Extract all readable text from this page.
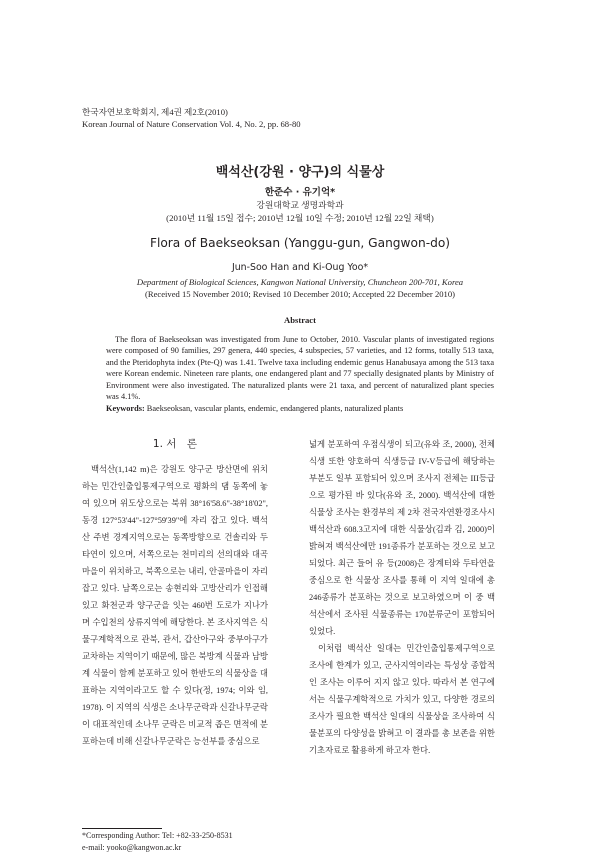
한국자연보호학회지, 제4권 제2호(2010)
Korean Journal of Nature Conservation Vol. 4, No. 2, pp. 68-80
백석산(강원 · 양구)의 식물상
한준수 · 유기억*
강원대학교 생명과학과
(2010년 11월 15일 접수; 2010년 12월 10일 수정; 2010년 12월 22일 채택)
Flora of Baekseoksan (Yanggu-gun, Gangwon-do)
Jun-Soo Han and Ki-Oug Yoo*
Department of Biological Sciences, Kangwon National University, Chuncheon 200-701, Korea
(Received 15 November 2010; Revised 10 December 2010; Accepted 22 December 2010)
Abstract

The flora of Baekseoksan was investigated from June to October, 2010. Vascular plants of investigated regions were composed of 90 families, 297 genera, 440 species, 4 subspecies, 57 varieties, and 12 forms, totally 513 taxa, and the Pteridophyta index (Pte-Q) was 1.41. Twelve taxa including endemic genus Hanabusaya among the 513 taxa were Korean endemic. Nineteen rare plants, one endangered plant and 77 specially designated plants by Ministry of Environment were also investigated. The naturalized plants were 21 taxa, and percent of naturalized plant species was 4.1%.

Keywords: Baekseoksan, vascular plants, endemic, endangered plants, naturalized plants

1. 서　론

백석산(1,142 m)은 강원도 양구군 방산면에 위치하는 민간인출입통제구역으로 평화의 댐 동쪽에 놓여 있으며 위도상으로는 북위 38°16'58.6"-38°18'02", 동경 127°53'44"-127°59'39"에 자리 잡고 있다. 백석산 주변 경계지역으로는 동쪽방향으로 건솔리와 두타연이 있으며, 서쪽으로는 천미리의 선의대와 대곡마을이 위치하고, 북쪽으로는 내리, 안골마을이 자리 잡고 있다. 남쪽으로는 송현리와 고방산리가 인접해 있고 화천군과 양구군을 잇는 460번 도로가 지나가며 수입천의 상류지역에 해당한다. 본 조사지역은 식물구계학적으로 관북, 관서, 갑산아구와 중부아구가 교차하는 지역이기 때문에, 많은 북방계 식물과 남방계 식물이 함께 분포하고 있어 한반도의 식물상을 대표하는 지역이라고도 할 수 있다(정, 1974; 이와 임, 1978). 이 지역의 식생은 소나무군락과 신갈나무군락이 대표적인데 소나무 군락은 비교적 좁은 면적에 분포하는데 비해 신갈나무군락은 능선부를 중심으로

넓게 분포하여 우점식생이 되고(유와 조, 2000), 전체 식생 또한 양호하여 식생등급 IV-V등급에 해당하는 부분도 일부 포함되어 있으며 조사지 전체는 III등급으로 평가된 바 있다(유와 조, 2000). 백석산에 대한 식물상 조사는 환경부의 제 2차 전국자연환경조사시 백석산과 608.3고지에 대한 식물상(김과 김, 2000)이 밝혀져 백석산에만 191종류가 분포하는 것으로 보고되었다. 최근 들어 유 등(2008)은 장계터와 두타연을 중심으로 한 식물상 조사를 통해 이 지역 일대에 총 246종류가 분포하는 것으로 보고하였으며 이 중 백석산에서 조사된 식물종류는 170분류군이 포함되어 있었다.

이처럼 백석산 일대는 민간인출입통제구역으로 조사에 한계가 있고, 군사지역이라는 특성상 종합적인 조사는 이루어 지지 않고 있다. 따라서 본 연구에서는 식물구계학적으로 가치가 있고, 다양한 경로의 조사가 필요한 백석산 일대의 식물상을 조사하여 식물분포의 다양성을 밝혀고 이 결과를 총 보존을 위한 기초자료로 활용하게 하고자 한다.

*Corresponding Author: Tel: +82-33-250-8531
e-mail: yooko@kangwon.ac.kr
